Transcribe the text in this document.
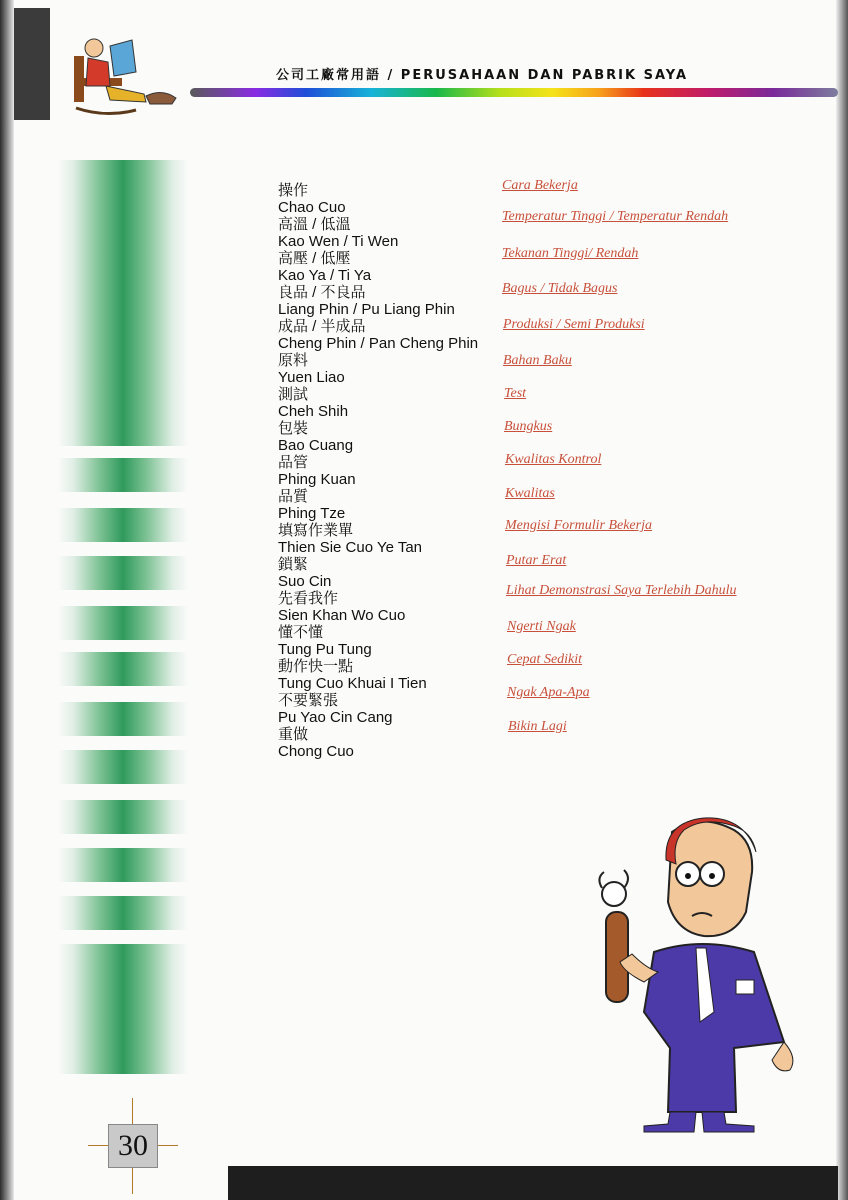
公司工廠常用語 / PERUSAHAAN DAN PABRIK SAYA
操作
Chao Cuo
高溫 / 低溫
Kao Wen / Ti Wen
高壓 / 低壓
Kao Ya / Ti Ya
良品 / 不良品
Liang Phin / Pu Liang Phin
成品 / 半成品
Cheng Phin / Pan Cheng Phin
原料
Yuen Liao
測試
Cheh Shih
包裝
Bao Cuang
品管
Phing Kuan
品質
Phing Tze
填寫作業單
Thien Sie Cuo Ye Tan
鎖緊
Suo Cin
先看我作
Sien Khan Wo Cuo
懂不懂
Tung Pu Tung
動作快一點
Tung Cuo Khuai I Tien
不要緊張
Pu Yao Cin Cang
重做
Chong Cuo
Cara Bekerja
Temperatur Tinggi / Temperatur Rendah
Tekanan Tinggi/ Rendah
Bagus / Tidak Bagus
Produksi / Semi Produksi
Bahan Baku
Test
Bungkus
Kwalitas Kontrol
Kwalitas
Mengisi Formulir Bekerja
Putar Erat
Lihat Demonstrasi Saya Terlebih Dahulu
Ngerti Ngak
Cepat Sedikit
Ngak Apa-Apa
Bikin Lagi
30
